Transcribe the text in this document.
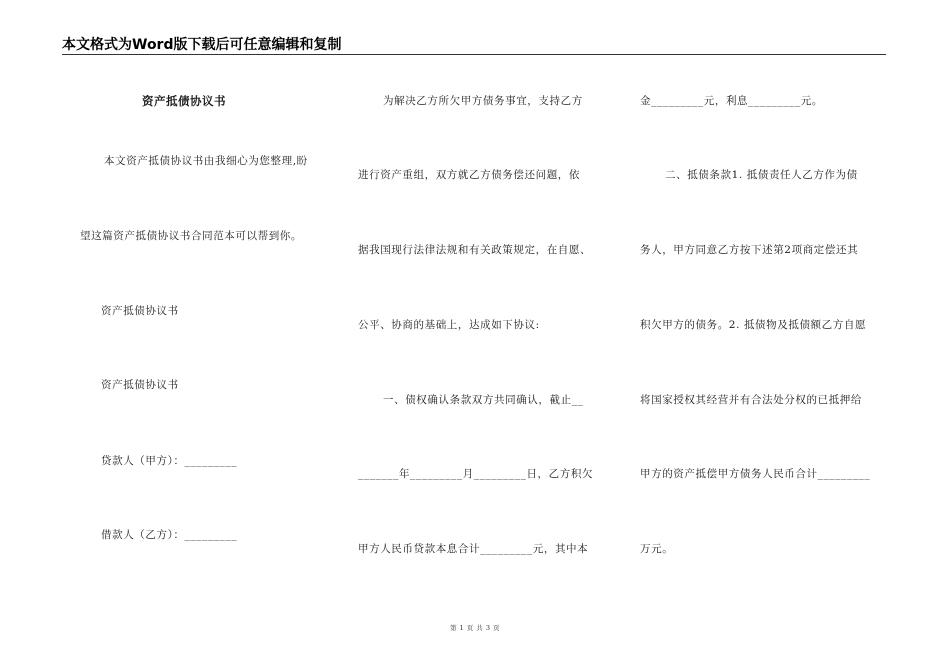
本文格式为Word版下载后可任意编辑和复制
资产抵债协议书
本文资产抵债协议书由我细心为您整理,盼
望这篇资产抵债协议书合同范本可以帮到你。
资产抵债协议书
资产抵债协议书
贷款人（甲方）：_________
借款人（乙方）：_________
为解决乙方所欠甲方债务事宜，支持乙方
进行资产重组，双方就乙方债务偿还问题，依
据我国现行法律法规和有关政策规定，在自愿、
公平、协商的基础上，达成如下协议:
一、债权确认条款双方共同确认，截止__
_______年_________月_________日，乙方积欠
甲方人民币贷款本息合计_________元，其中本
金_________元，利息_________元。
二、抵债条款1. 抵债责任人乙方作为债
务人，甲方同意乙方按下述第2项商定偿还其
积欠甲方的债务。2. 抵债物及抵债额乙方自愿
将国家授权其经营并有合法处分权的已抵押给
甲方的资产抵偿甲方债务人民币合计_________
万元。
第 1 页 共 3 页
